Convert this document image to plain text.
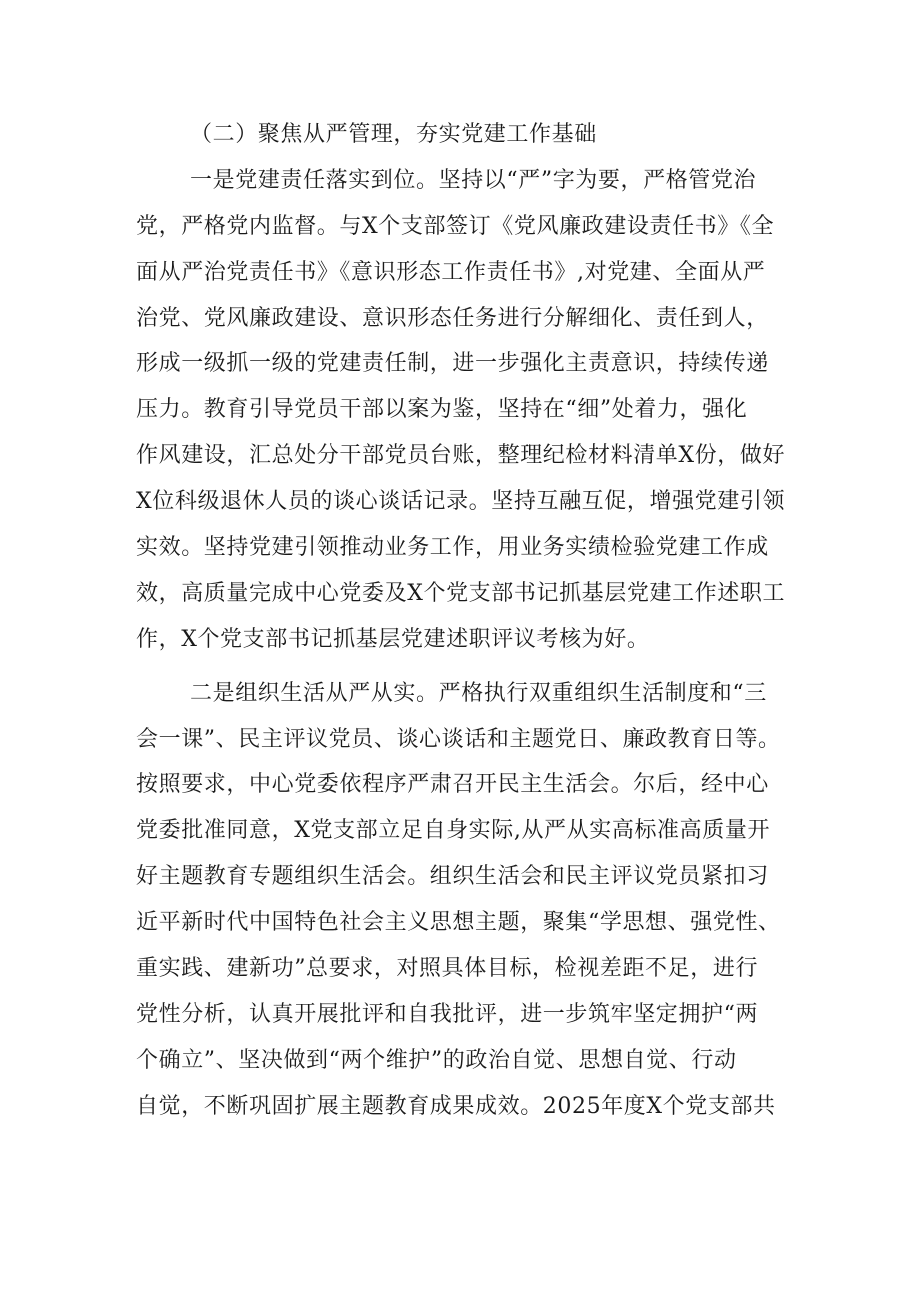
（二）聚焦从严管理，夯实党建工作基础
一是党建责任落实到位。坚持以“严”字为要，严格管党治
党，严格党内监督。与X个支部签订《党风廉政建设责任书》《全
面从严治党责任书》《意识形态工作责任书》,对党建、全面从严
治党、党风廉政建设、意识形态任务进行分解细化、责任到人，
形成一级抓一级的党建责任制，进一步强化主责意识，持续传递
压力。教育引导党员干部以案为鉴，坚持在“细”处着力，强化
作风建设，汇总处分干部党员台账，整理纪检材料清单X份，做好
X位科级退休人员的谈心谈话记录。坚持互融互促，增强党建引领
实效。坚持党建引领推动业务工作，用业务实绩检验党建工作成
效，高质量完成中心党委及X个党支部书记抓基层党建工作述职工
作，X个党支部书记抓基层党建述职评议考核为好。
二是组织生活从严从实。严格执行双重组织生活制度和“三
会一课”、民主评议党员、谈心谈话和主题党日、廉政教育日等。
按照要求，中心党委依程序严肃召开民主生活会。尔后，经中心
党委批准同意，X党支部立足自身实际,从严从实高标准高质量开
好主题教育专题组织生活会。组织生活会和民主评议党员紧扣习
近平新时代中国特色社会主义思想主题，聚集“学思想、强党性、
重实践、建新功”总要求，对照具体目标，检视差距不足，进行
党性分析，认真开展批评和自我批评，进一步筑牢坚定拥护“两
个确立”、坚决做到“两个维护”的政治自觉、思想自觉、行动
自觉，不断巩固扩展主题教育成果成效。2025年度X个党支部共
